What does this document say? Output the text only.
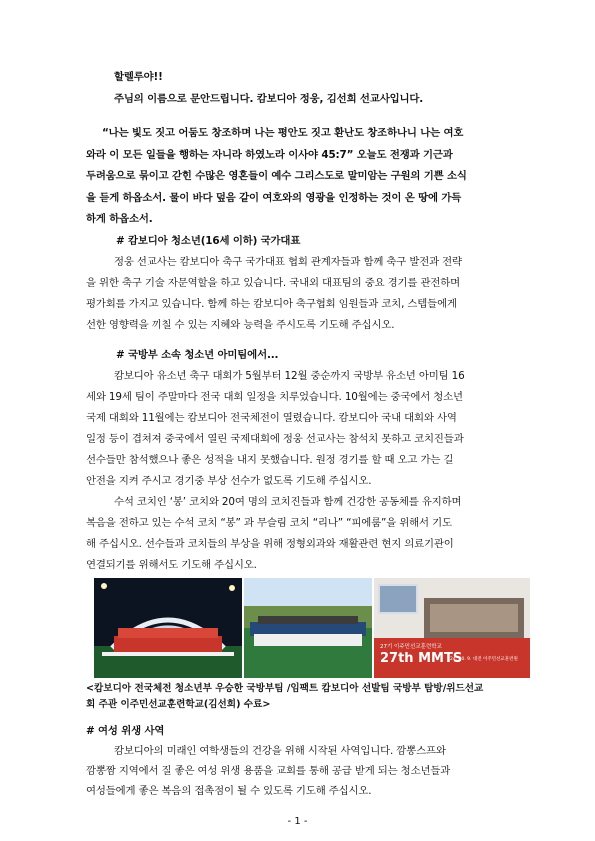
할렐루야!!
주님의 이름으로 문안드립니다. 캄보디아 정웅, 김선희 선교사입니다.
“나는 빛도 짓고 어둠도 창조하며 나는 평안도 짓고 환난도 창조하나니 나는 여호
와라 이 모든 일들을 행하는 자니라 하였노라 이사야 45:7” 오늘도 전쟁과 기근과
두려움으로 묶이고 갇힌 수많은 영혼들이 예수 그리스도로 말미암는 구원의 기쁜 소식
을 듣게 하옵소서. 물이 바다 덮음 같이 여호와의 영광을 인정하는 것이 온 땅에 가득
하게 하옵소서.
# 캄보디아 청소년(16세 이하) 국가대표
정웅 선교사는 캄보디아 축구 국가대표 협회 관계자들과 함께 축구 발전과 전략
을 위한 축구 기술 자문역할을 하고 있습니다. 국내외 대표팀의 중요 경기를 관전하며
평가회를 가지고 있습니다. 함께 하는 캄보디아 축구협회 임원들과 코치, 스텝들에게
선한 영향력을 끼칠 수 있는 지혜와 능력을 주시도록 기도해 주십시오.
# 국방부 소속 청소년 아미팀에서...
캄보디아 유소년 축구 대회가 5월부터 12월 중순까지 국방부 유소년 아미팀 16
세와 19세 팀이 주말마다 전국 대회 일정을 치루었습니다. 10월에는 중국에서 청소년
국제 대회와 11월에는 캄보디아 전국체전이 열렸습니다. 캄보디아 국내 대회와 사역
일정 등이 겹쳐져 중국에서 열린 국제대회에 정웅 선교사는 참석치 못하고 코치진들과
선수들만 참석했으나 좋은 성적을 내지 못했습니다. 원정 경기를 할 때 오고 가는 길
안전을 지켜 주시고 경기중 부상 선수가 없도록 기도해 주십시오.
수석 코치인 ‘봉’ 코치와 20여 명의 코치진들과 함께 건강한 공동체를 유지하며
복음을 전하고 있는 수석 코치 “봉” 과 무슬림 코치 “리나” “피에룸”을 위해서 기도
해 주십시오. 선수들과 코치들의 부상을 위해 정형외과와 재활관련 현지 의료기관이
연결되기를 위해서도 기도해 주십시오.
27기 이주민선교훈련학교
27th MMTS
24. 10. 9. 대전 이주민선교훈련원
<캄보디아 전국체전 청소년부 우승한 국방부팀 /임팩트 캄보디아 선발팀 국방부 탐방/위드선교
회 주관 이주민선교훈련학교(김선희) 수료>
# 여성 위생 사역
캄보디아의 미래인 여학생들의 건강을 위해 시작된 사역입니다. 깜뽕스프와
깜뽕짬 지역에서 질 좋은 여성 위생 용품을 교회를 통해 공급 받게 되는 청소년들과
여성들에게 좋은 복음의 접촉점이 될 수 있도록 기도해 주십시오.
- 1 -
